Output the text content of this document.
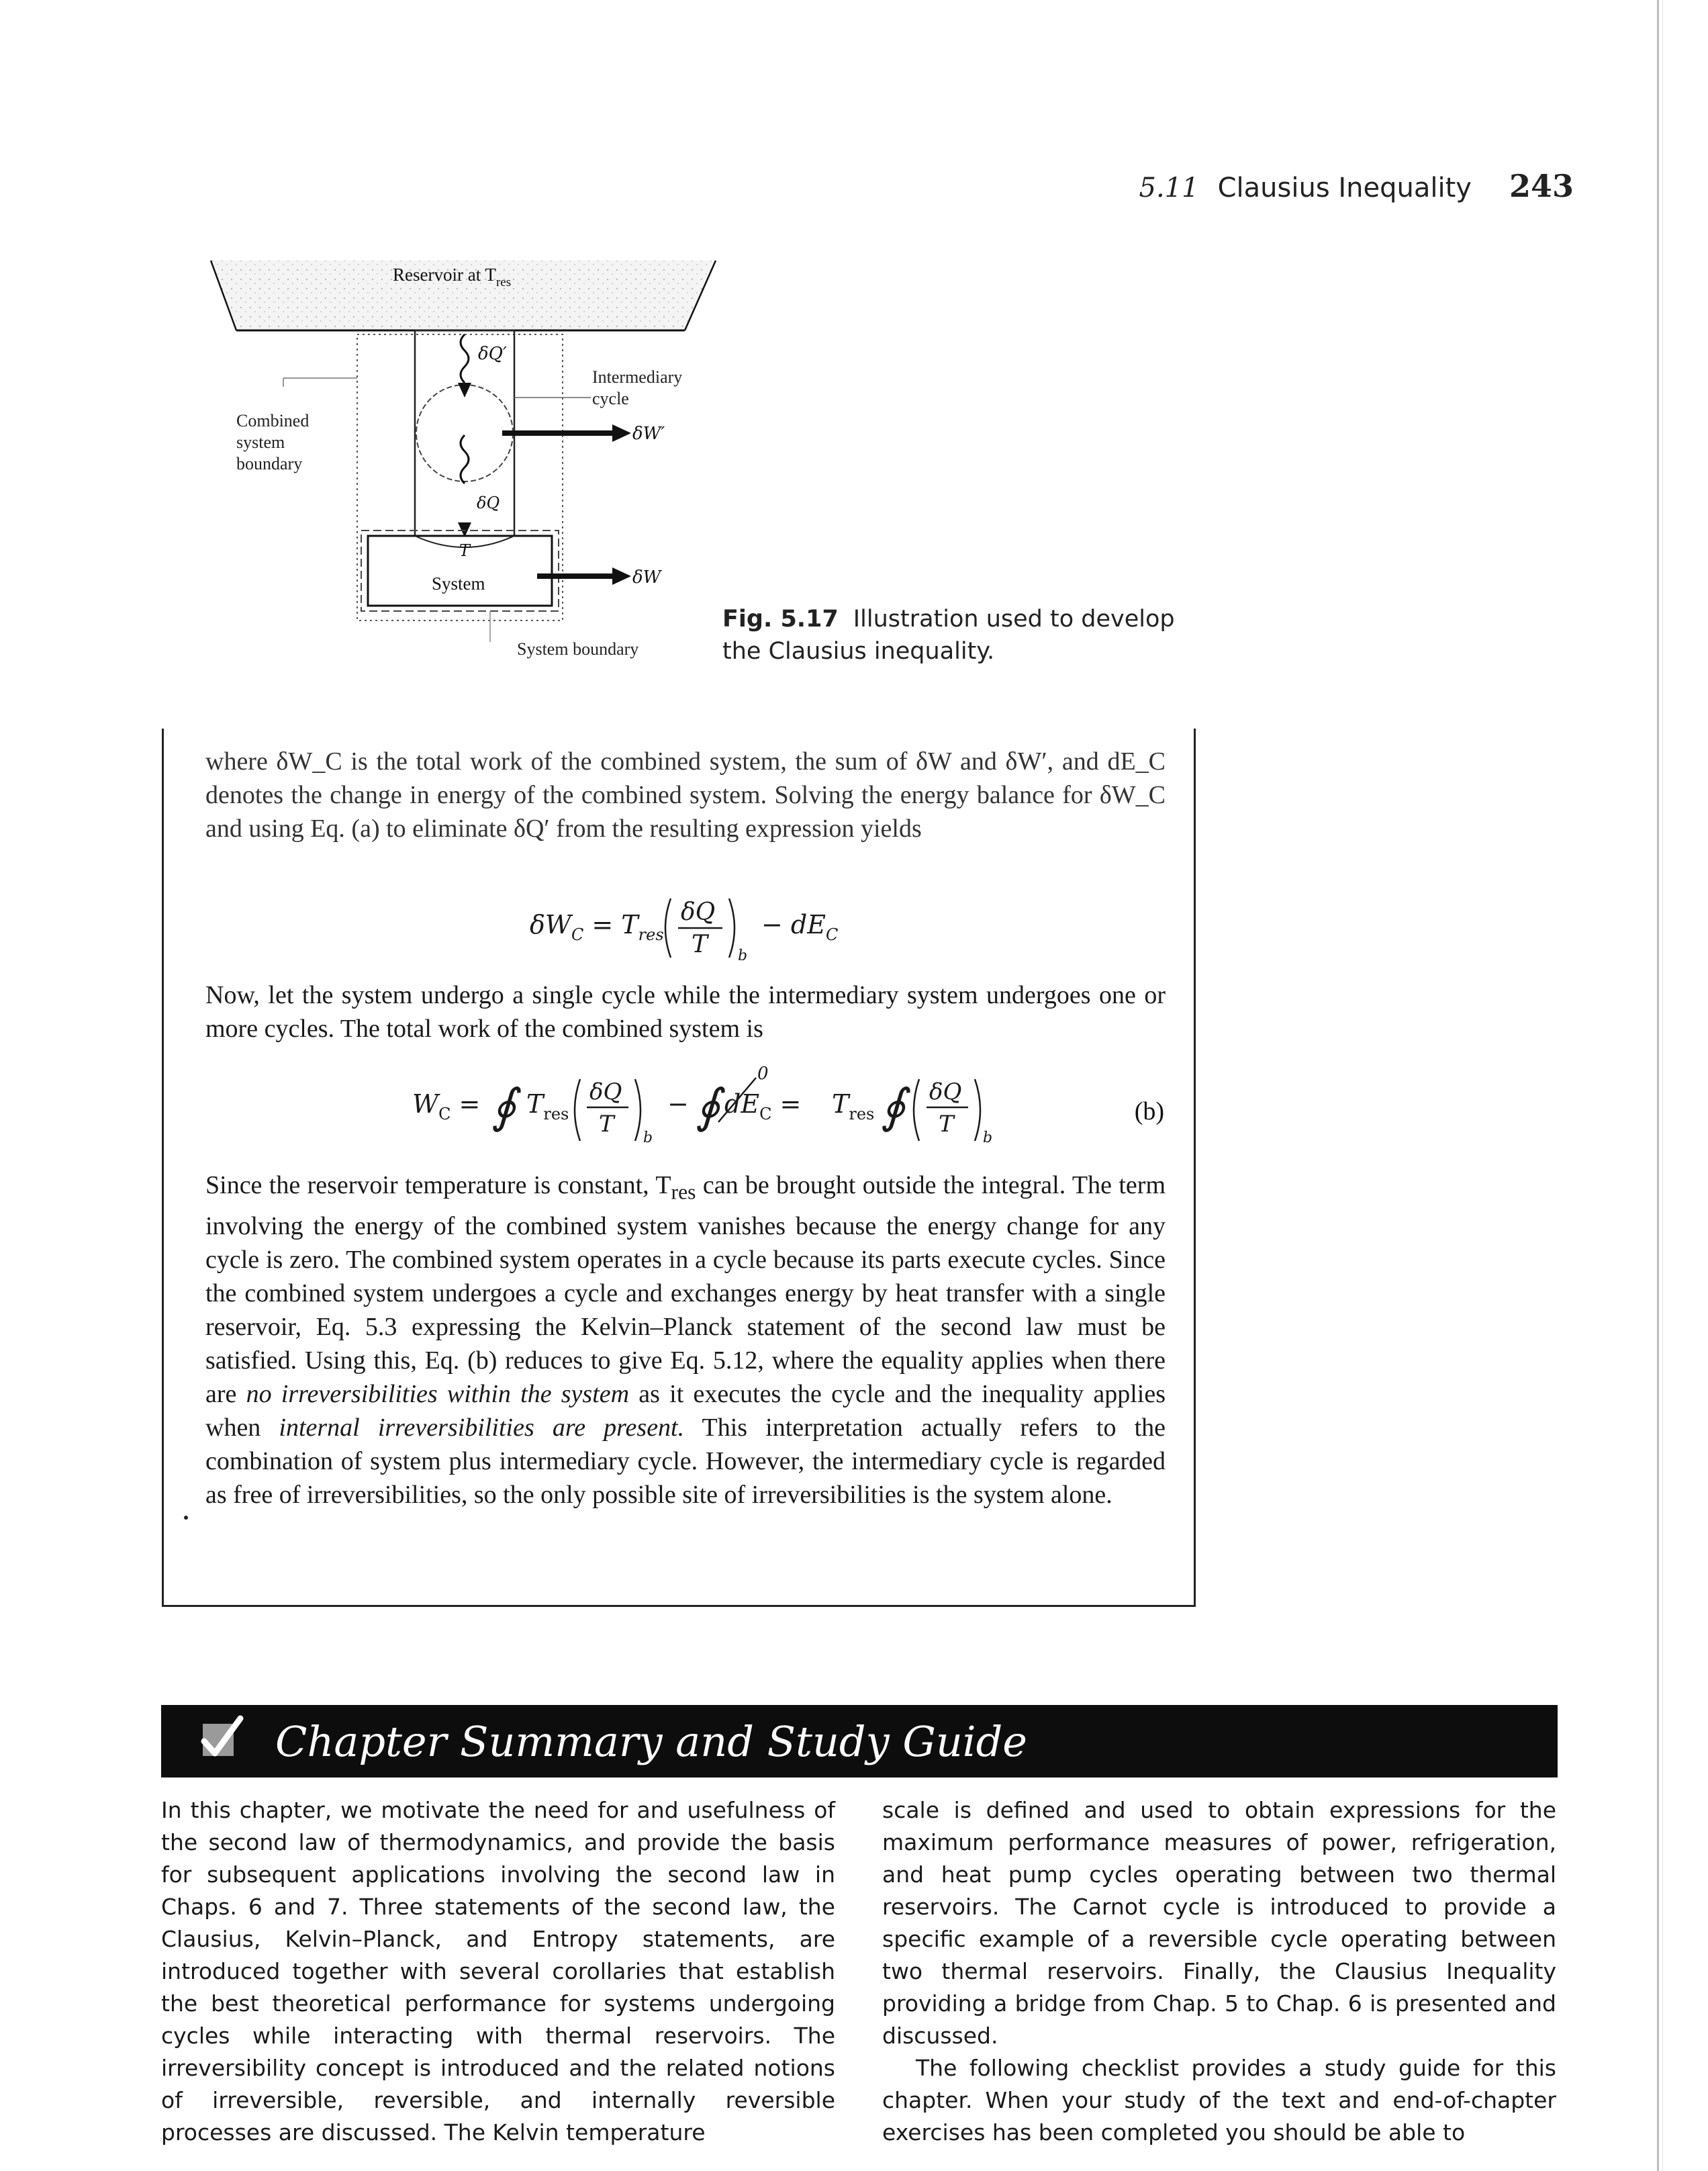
5.11 Clausius Inequality 243
Reservoir at $T_{res}$
δQ′
δQ
δW′
Intermediary
cycle
Combined
system
boundary
T
System	δW
System boundary
Fig. 5.17 Illustration used to develop the Clausius inequality.
where δW_C is the total work of the combined system, the sum of δW and δW′, and dE_C denotes the change in energy of the combined system. Solving the energy balance for δW_C and using Eq. (a) to eliminate δQ′ from the resulting expression yields
$\delta W_C = T_{res}$
δQ
T b
− $dE_C$
Now, let the system undergo a single cycle while the intermediary system undergoes one or more cycles. The total work of the combined system is
$W_C$ = ∮ $T_{res}$
δQ
T
b
− ∮ $dE_C$ =
0
$T_{res}$ ∮ δQ
T
b
(b)
Since the reservoir temperature is constant, $T_{res}$ can be brought outside the integral. The term involving the energy of the combined system vanishes because the energy change for any cycle is zero. The combined system operates in a cycle because its parts execute cycles. Since the combined system undergoes a cycle and exchanges energy by heat transfer with a single reservoir, Eq. 5.3 expressing the Kelvin–Planck statement of the second law must be satisfied. Using this, Eq. (b) reduces to give Eq. 5.12, where the equality applies when there are no irreversibilities within the system as it executes the cycle and the inequality applies when internal irreversibilities are present. This interpretation actually refers to the combination of system plus intermediary cycle. However, the intermediary cycle is regarded as free of irreversibilities, so the only possible site of irreversibilities is the system alone.
Chapter Summary and Study Guide
In this chapter, we motivate the need for and usefulness of the second law of thermodynamics, and provide the basis for subsequent applications involving the second law in Chaps. 6 and 7. Three statements of the second law, the Clausius, Kelvin–Planck, and Entropy statements, are introduced together with several corollaries that establish the best theoretical performance for systems undergoing cycles while interacting with thermal reservoirs. The irreversibility concept is introduced and the related notions of irreversible, reversible, and internally reversible processes are discussed. The Kelvin temperature
scale is defined and used to obtain expressions for the maximum performance measures of power, refrigeration, and heat pump cycles operating between two thermal reservoirs. The Carnot cycle is introduced to provide a specific example of a reversible cycle operating between two thermal reservoirs. Finally, the Clausius Inequality providing a bridge from Chap. 5 to Chap. 6 is presented and discussed.
The following checklist provides a study guide for this chapter. When your study of the text and end-of-chapter exercises has been completed you should be able to
